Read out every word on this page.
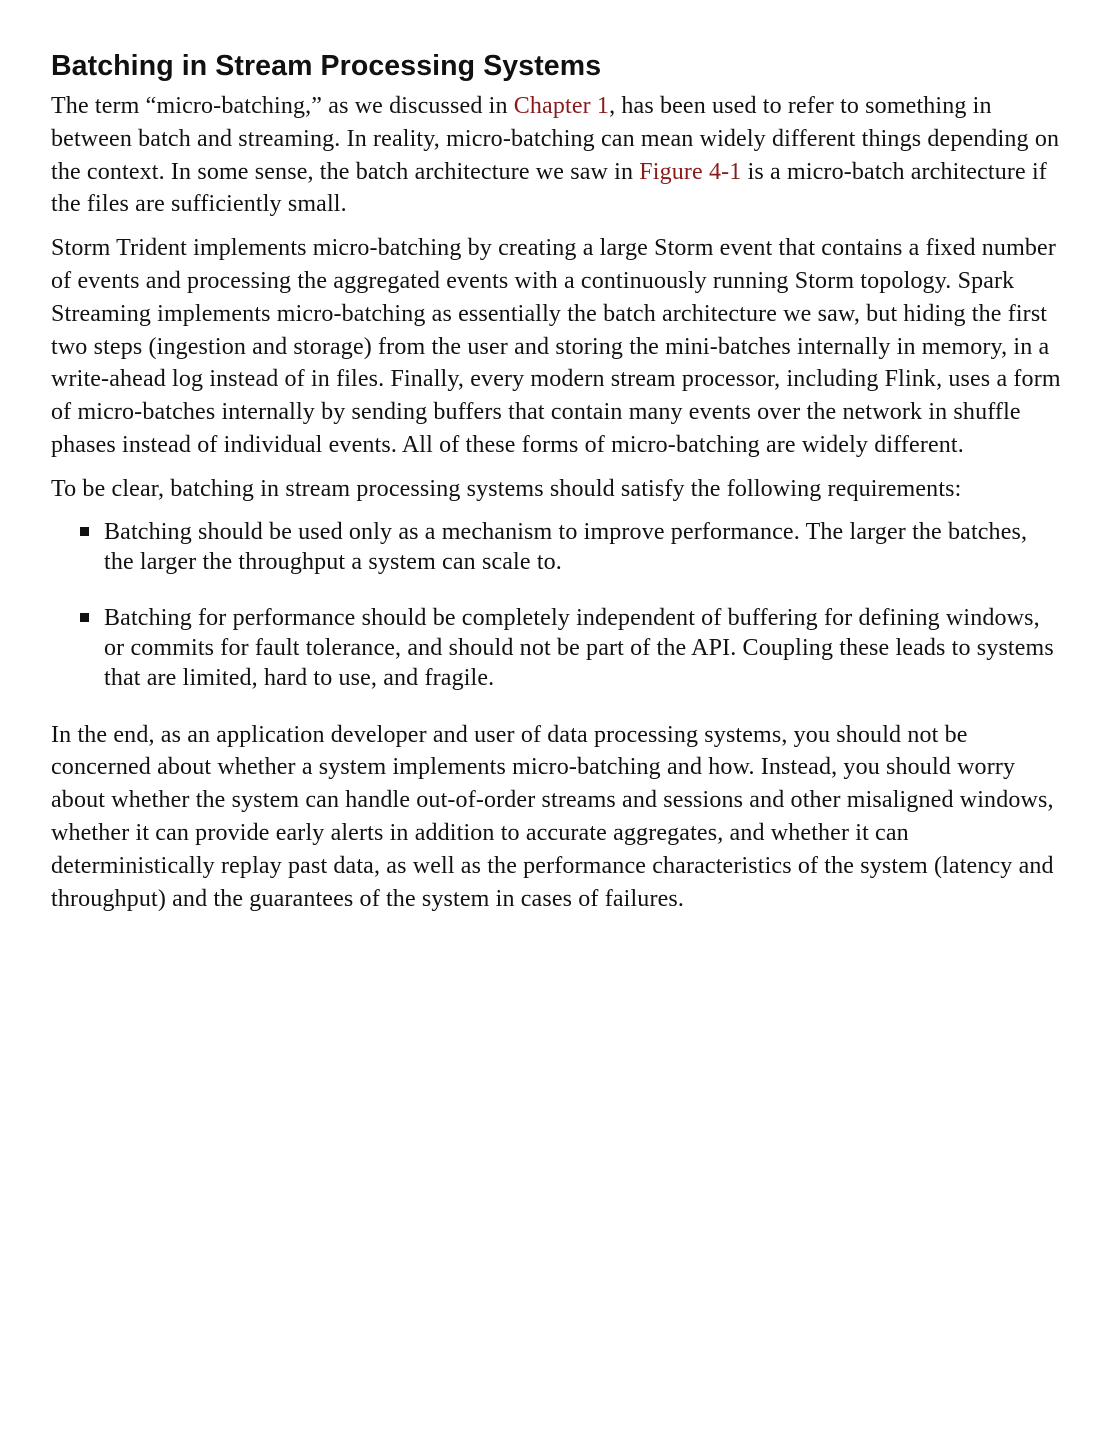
Batching in Stream Processing Systems

The term “micro-batching,” as we discussed in Chapter 1, has been used to refer to something in between batch and streaming. In reality, micro-batching can mean widely different things depending on the context. In some sense, the batch architecture we saw in Figure 4-1 is a micro-batch architecture if the files are sufficiently small.

Storm Trident implements micro-batching by creating a large Storm event that contains a fixed number of events and processing the aggregated events with a continuously running Storm topology. Spark Streaming implements micro-batching as essentially the batch architecture we saw, but hiding the first two steps (ingestion and storage) from the user and storing the mini-batches internally in memory, in a write-ahead log instead of in files. Finally, every modern stream processor, including Flink, uses a form of micro-batches internally by sending buffers that contain many events over the network in shuffle phases instead of individual events. All of these forms of micro-batching are widely different.

To be clear, batching in stream processing systems should satisfy the following requirements:

Batching should be used only as a mechanism to improve performance. The larger the batches, the larger the throughput a system can scale to.
Batching for performance should be completely independent of buffering for defining windows, or commits for fault tolerance, and should not be part of the API. Coupling these leads to systems that are limited, hard to use, and fragile.

In the end, as an application developer and user of data processing systems, you should not be concerned about whether a system implements micro-batching and how. Instead, you should worry about whether the system can handle out-of-order streams and sessions and other misaligned windows, whether it can provide early alerts in addition to accurate aggregates, and whether it can deterministically replay past data, as well as the performance characteristics of the system (latency and throughput) and the guarantees of the system in cases of failures.
